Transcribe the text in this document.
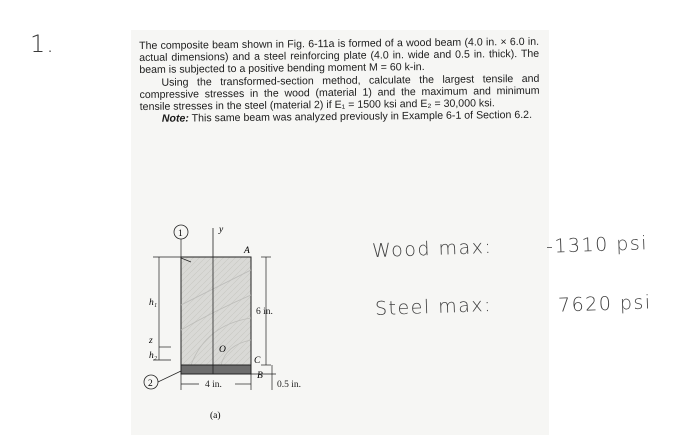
1.	The composite beam shown in Fig. 6-11a is formed of a wood beam (4.0 in. × 6.0 in. actual dimensions) and a steel reinforcing plate (4.0 in. wide and 0.5 in. thick). The beam is subjected to a positive bending moment M = 60 k-in.

Using the transformed-section method, calculate the largest tensile and compressive stresses in the wood (material 1) and the maximum and minimum tensile stresses in the steel (material 2) if E₁ = 1500 ksi and E₂ = 30,000 ksi.

Note: This same beam was analyzed previously in Example 6-1 of Section 6.2.

y
1
A
O
C
B
6 in.
0.5 in.
h₁
h₂
z
2	4 in.
(a)
Wood max:	-1310 psi
Steel max:	7620 psi
